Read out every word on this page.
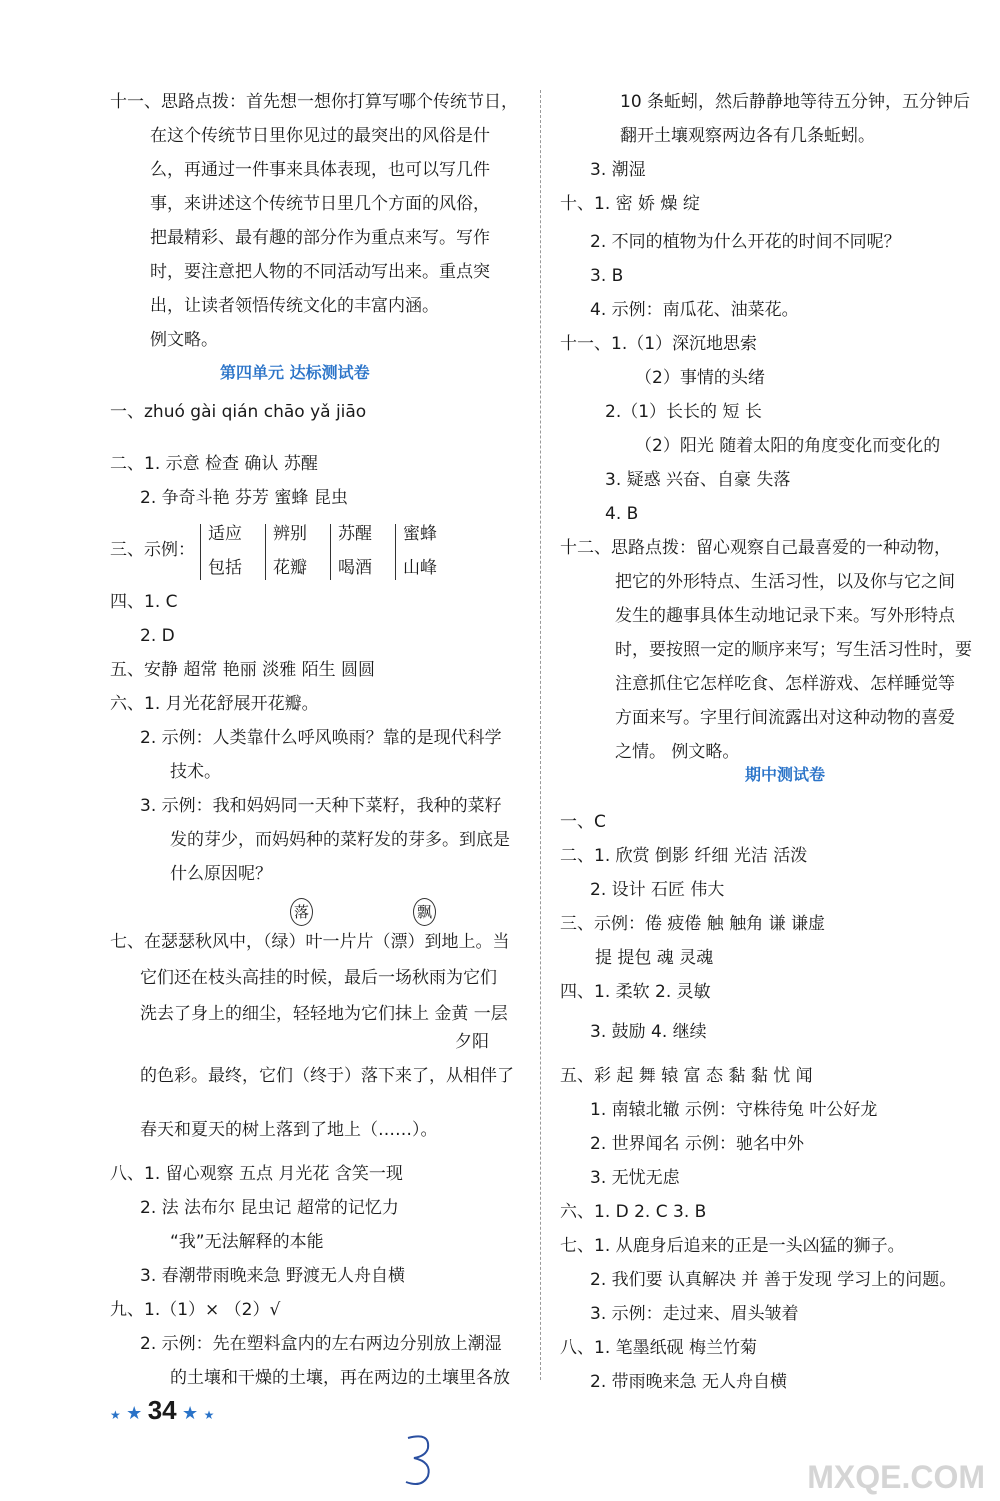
十一、思路点拨：首先想一想你打算写哪个传统节日，
在这个传统节日里你见过的最突出的风俗是什
么，再通过一件事来具体表现，也可以写几件
事，来讲述这个传统节日里几个方面的风俗，
把最精彩、最有趣的部分作为重点来写。写作
时，要注意把人物的不同活动写出来。重点突
出，让读者领悟传统文化的丰富内涵。
例文略。
一、zhuó gài qián chāo yǎ jiāo
二、1. 示意 检查 确认 苏醒
2. 争奇斗艳 芬芳 蜜蜂 昆虫
三、示例：
四、1. C
2. D
五、安静 超常 艳丽 淡雅 陌生 圆圆
六、1. 月光花舒展开花瓣。
2. 示例：人类靠什么呼风唤雨？靠的是现代科学
技术。
3. 示例：我和妈妈同一天种下菜籽，我种的菜籽
发的芽少，而妈妈种的菜籽发的芽多。到底是
什么原因呢？
七、在瑟瑟秋风中，（绿）叶一片片（漂）到地上。当
它们还在枝头高挂的时候，最后一场秋雨为它们
洗去了身上的细尘，轻轻地为它们抹上 金黄 一层
夕阳
的色彩。最终，它们（终于）落下来了，从相伴了
春天和夏天的树上落到了地上（……）。
八、1. 留心观察 五点 月光花 含笑一现
2. 法 法布尔 昆虫记 超常的记忆力
“我”无法解释的本能
3. 春潮带雨晚来急 野渡无人舟自横
九、1.（1）× （2）√
2. 示例：先在塑料盒内的左右两边分别放上潮湿
的土壤和干燥的土壤，再在两边的土壤里各放
10 条蚯蚓，然后静静地等待五分钟，五分钟后
翻开土壤观察两边各有几条蚯蚓。
3. 潮湿
十、1. 密 娇 燥 绽
2. 不同的植物为什么开花的时间不同呢？
3. B
4. 示例：南瓜花、油菜花。
十一、1.（1）深沉地思索
（2）事情的头绪
2.（1）长长的 短 长
（2）阳光 随着太阳的角度变化而变化的
3. 疑惑 兴奋、自豪 失落
4. B
十二、思路点拨：留心观察自己最喜爱的一种动物，
把它的外形特点、生活习性，以及你与它之间
发生的趣事具体生动地记录下来。写外形特点
时，要按照一定的顺序来写；写生活习性时，要
注意抓住它怎样吃食、怎样游戏、怎样睡觉等
方面来写。字里行间流露出对这种动物的喜爱
之情。 例文略。
一、C
二、1. 欣赏 倒影 纤细 光洁 活泼
2. 设计 石匠 伟大
三、示例：倦 疲倦 触 触角 谦 谦虚
提 提包 魂 灵魂
四、1. 柔软 2. 灵敏
3. 鼓励 4. 继续
五、彩 起 舞 辕 富 态 黏 黏 忧 闻
1. 南辕北辙 示例：守株待兔 叶公好龙
2. 世界闻名 示例：驰名中外
3. 无忧无虑
六、1. D 2. C 3. B
七、1. 从鹿身后追来的正是一头凶猛的狮子。
2. 我们要 认真解决 并 善于发现 学习上的问题。
3. 示例：走过来、眉头皱着
八、1. 笔墨纸砚 梅兰竹菊
2. 带雨晚来急 无人舟自横
第四单元 达标测试卷
期中测试卷
适应
包括
辨别
花瓣
苏醒
喝酒
蜜蜂
山峰
落	飘
★ ★ 34 ★ ★
MXQE.COM
